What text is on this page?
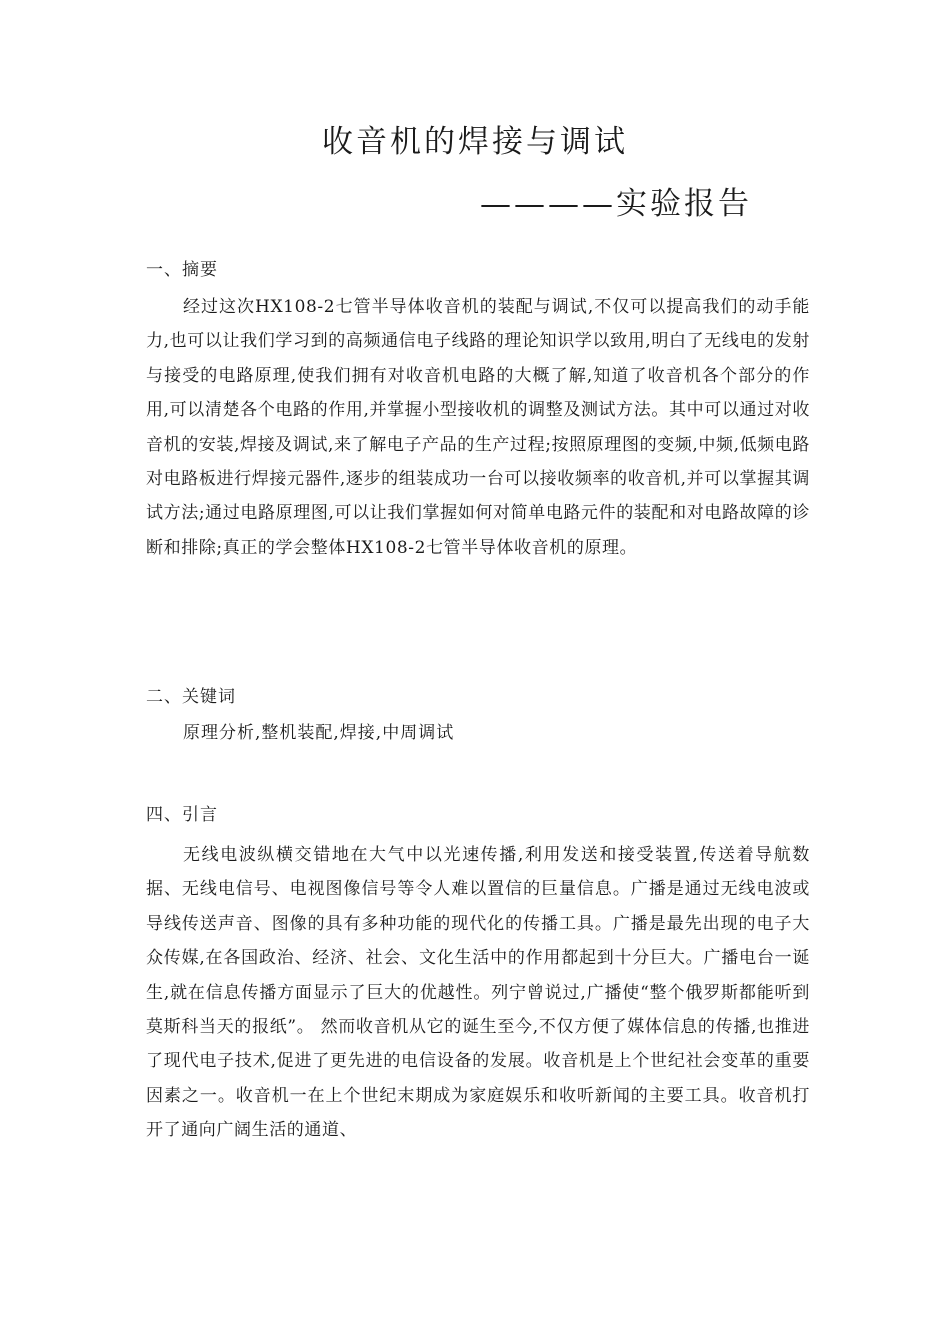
收音机的焊接与调试
————实验报告
一、摘要
经过这次HX108-2七管半导体收音机的装配与调试,不仅可以提高我们的动手能力,也可以让我们学习到的高频通信电子线路的理论知识学以致用,明白了无线电的发射与接受的电路原理,使我们拥有对收音机电路的大概了解,知道了收音机各个部分的作用,可以清楚各个电路的作用,并掌握小型接收机的调整及测试方法。其中可以通过对收音机的安装,焊接及调试,来了解电子产品的生产过程;按照原理图的变频,中频,低频电路对电路板进行焊接元器件,逐步的组装成功一台可以接收频率的收音机,并可以掌握其调试方法;通过电路原理图,可以让我们掌握如何对简单电路元件的装配和对电路故障的诊断和排除;真正的学会整体HX108-2七管半导体收音机的原理。
二、关键词
原理分析,整机装配,焊接,中周调试
四、引言
无线电波纵横交错地在大气中以光速传播,利用发送和接受装置,传送着导航数据、无线电信号、电视图像信号等令人难以置信的巨量信息。广播是通过无线电波或导线传送声音、图像的具有多种功能的现代化的传播工具。广播是最先出现的电子大众传媒,在各国政治、经济、社会、文化生活中的作用都起到十分巨大。广播电台一诞生,就在信息传播方面显示了巨大的优越性。列宁曾说过,广播使“整个俄罗斯都能听到莫斯科当天的报纸”。 然而收音机从它的诞生至今,不仅方便了媒体信息的传播,也推进了现代电子技术,促进了更先进的电信设备的发展。收音机是上个世纪社会变革的重要因素之一。收音机一在上个世纪末期成为家庭娱乐和收听新闻的主要工具。收音机打开了通向广阔生活的通道、
